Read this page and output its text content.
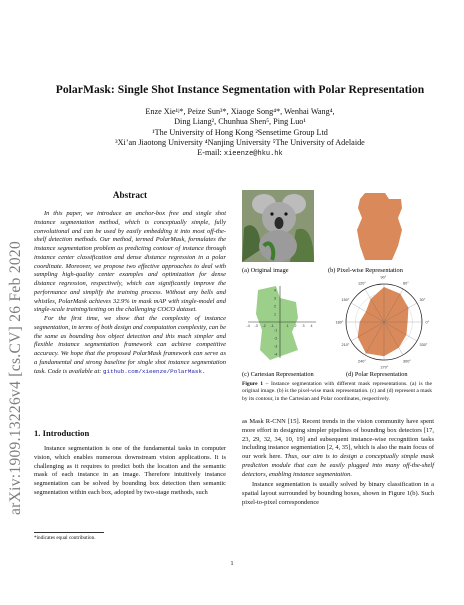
arXiv:1909.13226v4 [cs.CV] 26 Feb 2020
PolarMask: Single Shot Instance Segmentation with Polar Representation
Enze Xie¹ʲ*, Peize Sun³*, Xiaoge Song⁴*, Wenhai Wang⁴,
Ding Liang², Chunhua Shen⁵, Ping Luo¹
¹The University of Hong Kong ²Sensetime Group Ltd
³Xi’an Jiaotong University ⁴Nanjing University ⁵The University of Adelaide
E-mail: xieenze@hku.hk
Abstract

In this paper, we introduce an anchor-box free and single shot instance segmentation method, which is conceptually simple, fully convolutional and can be used by easily embedding it into most off-the-shelf detection methods. Our method, termed PolarMask, formulates the instance segmentation problem as predicting contour of instance through instance center classification and dense distance regression in a polar coordinate. Moreover, we propose two effective approaches to deal with sampling high-quality center examples and optimization for dense distance regression, respectively, which can significantly improve the performance and simplify the training process. Without any bells and whistles, PolarMask achieves 32.9% in mask mAP with single-model and single-scale training/testing on the challenging COCO dataset.

For the first time, we show that the complexity of instance segmentation, in terms of both design and computation complexity, can be the same as bounding box object detection and this much simpler and flexible instance segmentation framework can achieve competitive accuracy. We hope that the proposed PolarMask framework can serve as a fundamental and strong baseline for single shot instance segmentation task. Code is available at: github.com/xieenze/PolarMask.

1. Introduction

Instance segmentation is one of the fundamental tasks in computer vision, which enables numerous downstream vision applications. It is challenging as it requires to predict both the location and the semantic mask of each instance in an image. Therefore intuitively instance segmentation can be solved by bounding box detection then semantic segmentation within each box, adopted by two-stage methods, such

*indicates equal contribution.
(a) Original image	(b) Pixel-wise Representation
-4
-4
-3
-3
-2
-2
-1
-1
1
1
2
2
3
3
4
4
0°
30°
60°
90°
120°
150°
180°
210°
240°
270°
300°
330°
(c) Cartesian Representation	(d) Polar Representation
Figure 1 – Instance segmentation with different mask representations. (a) is the original image. (b) is the pixel-wise mask representation. (c) and (d) represent a mask by its contour, in the Cartesian and Polar coordinates, respectively.

as Mask R-CNN [15]. Recent trends in the vision community have spent more effort in designing simpler pipelines of bounding box detectors [17, 23, 29, 32, 34, 10, 19] and subsequent instance-wise recognition tasks including instance segmentation [2, 4, 35], which is also the main focus of our work here. Thus, our aim is to design a conceptually simple mask prediction module that can be easily plugged into many off-the-shelf detectors, enabling instance segmentation.

Instance segmentation is usually solved by binary classification in a spatial layout surrounded by bounding boxes, shown in Figure 1(b). Such pixel-to-pixel correspondence

1
